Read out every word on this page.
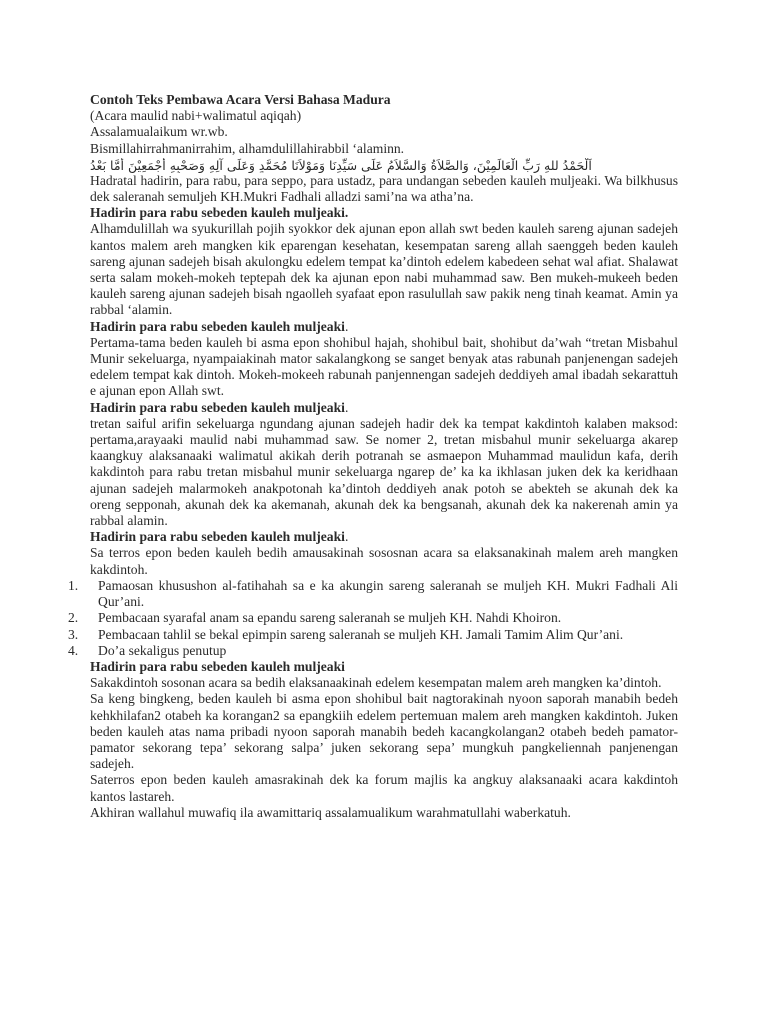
Contoh Teks Pembawa Acara Versi Bahasa Madura

(Acara maulid nabi+walimatul aqiqah)

Assalamualaikum wr.wb.

Bismillahirrahmanirrahim, alhamdulillahirabbil ‘alaminn.

اَلْحَمْدُ للهِ رَبِّ الْعَالَمِيْنَ، وَالصَّلاَةُ وَالسَّلاَمُ عَلَى سَيِّدِنَا وَمَوْلاَنَا مُحَمَّدٍ وَعَلَى آلِهِ وَصَحْبِهِ أَجْمَعِيْنَ أَمَّا بَعْدُ

Hadratal hadirin, para rabu, para seppo, para ustadz, para undangan sebeden kauleh muljeaki. Wa bilkhusus dek saleranah semuljeh KH.Mukri Fadhali alladzi sami’na wa atha’na.

Hadirin para rabu sebeden kauleh muljeaki.

Alhamdulillah wa syukurillah pojih syokkor dek ajunan epon allah swt beden kauleh sareng ajunan sadejeh kantos malem areh mangken kik eparengan kesehatan, kesempatan sareng allah saenggeh beden kauleh sareng ajunan sadejeh bisah akulongku edelem tempat ka’dintoh edelem kabedeen sehat wal afiat. Shalawat serta salam mokeh-mokeh teptepah dek ka ajunan epon nabi muhammad saw. Ben mukeh-mukeeh beden kauleh sareng ajunan sadejeh bisah ngaolleh syafaat epon rasulullah saw pakik neng tinah keamat. Amin ya rabbal ‘alamin.

Hadirin para rabu sebeden kauleh muljeaki.

Pertama-tama beden kauleh bi asma epon shohibul hajah, shohibul bait, shohibut da’wah “tretan Misbahul Munir sekeluarga, nyampaiakinah mator sakalangkong se sanget benyak atas rabunah panjenengan sadejeh edelem tempat kak dintoh. Mokeh-mokeeh rabunah panjennengan sadejeh deddiyeh amal ibadah sekarattuh e ajunan epon Allah swt.

Hadirin para rabu sebeden kauleh muljeaki.

tretan saiful arifin sekeluarga ngundang ajunan sadejeh hadir dek ka tempat kakdintoh kalaben maksod: pertama,arayaaki maulid nabi muhammad saw. Se nomer 2, tretan misbahul munir sekeluarga akarep kaangkuy alaksanaaki walimatul akikah derih potranah se asmaepon Muhammad maulidun kafa, derih kakdintoh para rabu tretan misbahul munir sekeluarga ngarep de’ ka ka ikhlasan juken dek ka keridhaan ajunan sadejeh malarmokeh anakpotonah ka’dintoh deddiyeh anak potoh se abekteh se akunah dek ka oreng sepponah, akunah dek ka akemanah, akunah dek ka bengsanah, akunah dek ka nakerenah amin ya rabbal alamin.

Hadirin para rabu sebeden kauleh muljeaki.

Sa terros epon beden kauleh bedih amausakinah sososnan acara sa elaksanakinah malem areh mangken kakdintoh.

1.	Pamaosan khusushon al-fatihahah sa e ka akungin sareng saleranah se muljeh KH. Mukri Fadhali Ali Qur’ani.
2.	Pembacaan syarafal anam sa epandu sareng saleranah se muljeh KH. Nahdi Khoiron.
3.	Pembacaan tahlil se bekal epimpin sareng saleranah se muljeh KH. Jamali Tamim Alim Qur’ani.
4.	Do’a sekaligus penutup

Hadirin para rabu sebeden kauleh muljeaki

Sakakdintoh sosonan acara sa bedih elaksanaakinah edelem kesempatan malem areh mangken ka’dintoh.

Sa keng bingkeng, beden kauleh bi asma epon shohibul bait nagtorakinah nyoon saporah manabih bedeh kehkhilafan2 otabeh ka korangan2 sa epangkiih edelem pertemuan malem areh mangken kakdintoh. Juken beden kauleh atas nama pribadi nyoon saporah manabih bedeh kacangkolangan2 otabeh bedeh pamator-pamator sekorang tepa’ sekorang salpa’ juken sekorang sepa’ mungkuh pangkeliennah panjenengan sadejeh.

Saterros epon beden kauleh amasrakinah dek ka forum majlis ka angkuy alaksanaaki acara kakdintoh kantos lastareh.

Akhiran wallahul muwafiq ila awamittariq assalamualikum warahmatullahi waberkatuh.
